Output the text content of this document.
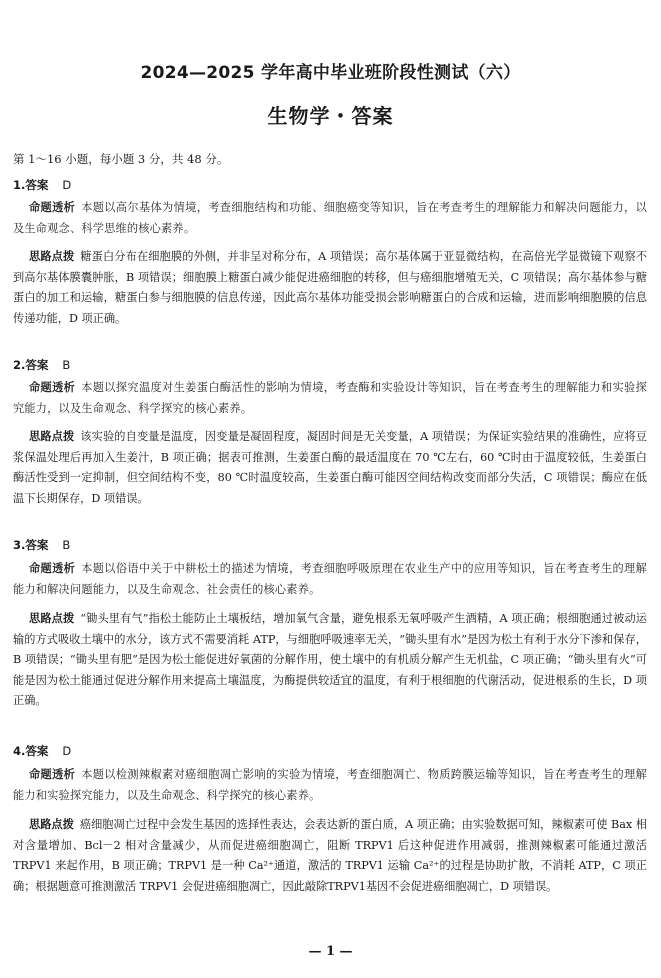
2024—2025 学年高中毕业班阶段性测试（六）
生物学・答案
第 1～16 小题，每小题 3 分，共 48 分。
1.答案 D
命题透析 本题以高尔基体为情境，考查细胞结构和功能、细胞癌变等知识，旨在考查考生的理解能力和解决问题能力，以及生命观念、科学思维的核心素养。
思路点拨 糖蛋白分布在细胞膜的外侧，并非呈对称分布，A 项错误；高尔基体属于亚显微结构，在高倍光学显微镜下观察不到高尔基体膜囊肿胀，B 项错误；细胞膜上糖蛋白减少能促进癌细胞的转移，但与癌细胞增殖无关，C 项错误；高尔基体参与糖蛋白的加工和运输，糖蛋白参与细胞膜的信息传递，因此高尔基体功能受损会影响糖蛋白的合成和运输，进而影响细胞膜的信息传递功能，D 项正确。
2.答案 B
命题透析 本题以探究温度对生姜蛋白酶活性的影响为情境，考查酶和实验设计等知识，旨在考查考生的理解能力和实验探究能力，以及生命观念、科学探究的核心素养。
思路点拨 该实验的自变量是温度，因变量是凝固程度，凝固时间是无关变量，A 项错误；为保证实验结果的准确性，应将豆浆保温处理后再加入生姜汁，B 项正确；据表可推测，生姜蛋白酶的最适温度在 70 ℃左右，60 ℃时由于温度较低，生姜蛋白酶活性受到一定抑制，但空间结构不变，80 ℃时温度较高，生姜蛋白酶可能因空间结构改变而部分失活，C 项错误；酶应在低温下长期保存，D 项错误。
3.答案 B
命题透析 本题以俗语中关于中耕松土的描述为情境，考查细胞呼吸原理在农业生产中的应用等知识，旨在考查考生的理解能力和解决问题能力，以及生命观念、社会责任的核心素养。
思路点拨 “锄头里有气”指松土能防止土壤板结，增加氧气含量，避免根系无氧呼吸产生酒精，A 项正确；根细胞通过被动运输的方式吸收土壤中的水分，该方式不需要消耗 ATP，与细胞呼吸速率无关，“锄头里有水”是因为松土有利于水分下渗和保存，B 项错误；“锄头里有肥”是因为松土能促进好氧菌的分解作用，使土壤中的有机质分解产生无机盐，C 项正确；“锄头里有火”可能是因为松土能通过促进分解作用来提高土壤温度，为酶提供较适宜的温度，有利于根细胞的代谢活动，促进根系的生长，D 项正确。
4.答案 D
命题透析 本题以检测辣椒素对癌细胞凋亡影响的实验为情境，考查细胞凋亡、物质跨膜运输等知识，旨在考查考生的理解能力和实验探究能力，以及生命观念、科学探究的核心素养。
思路点拨 癌细胞凋亡过程中会发生基因的选择性表达，会表达新的蛋白质，A 项正确；由实验数据可知，辣椒素可使 Bax 相对含量增加、Bcl－2 相对含量减少，从而促进癌细胞凋亡，阻断 TRPV1 后这种促进作用减弱，推测辣椒素可能通过激活 TRPV1 来起作用，B 项正确；TRPV1 是一种 Ca²⁺通道，激活的 TRPV1 运输 Ca²⁺的过程是协助扩散，不消耗 ATP，C 项正确；根据题意可推测激活 TRPV1 会促进癌细胞凋亡，因此敲除TRPV1基因不会促进癌细胞凋亡，D 项错误。
— 1 —
